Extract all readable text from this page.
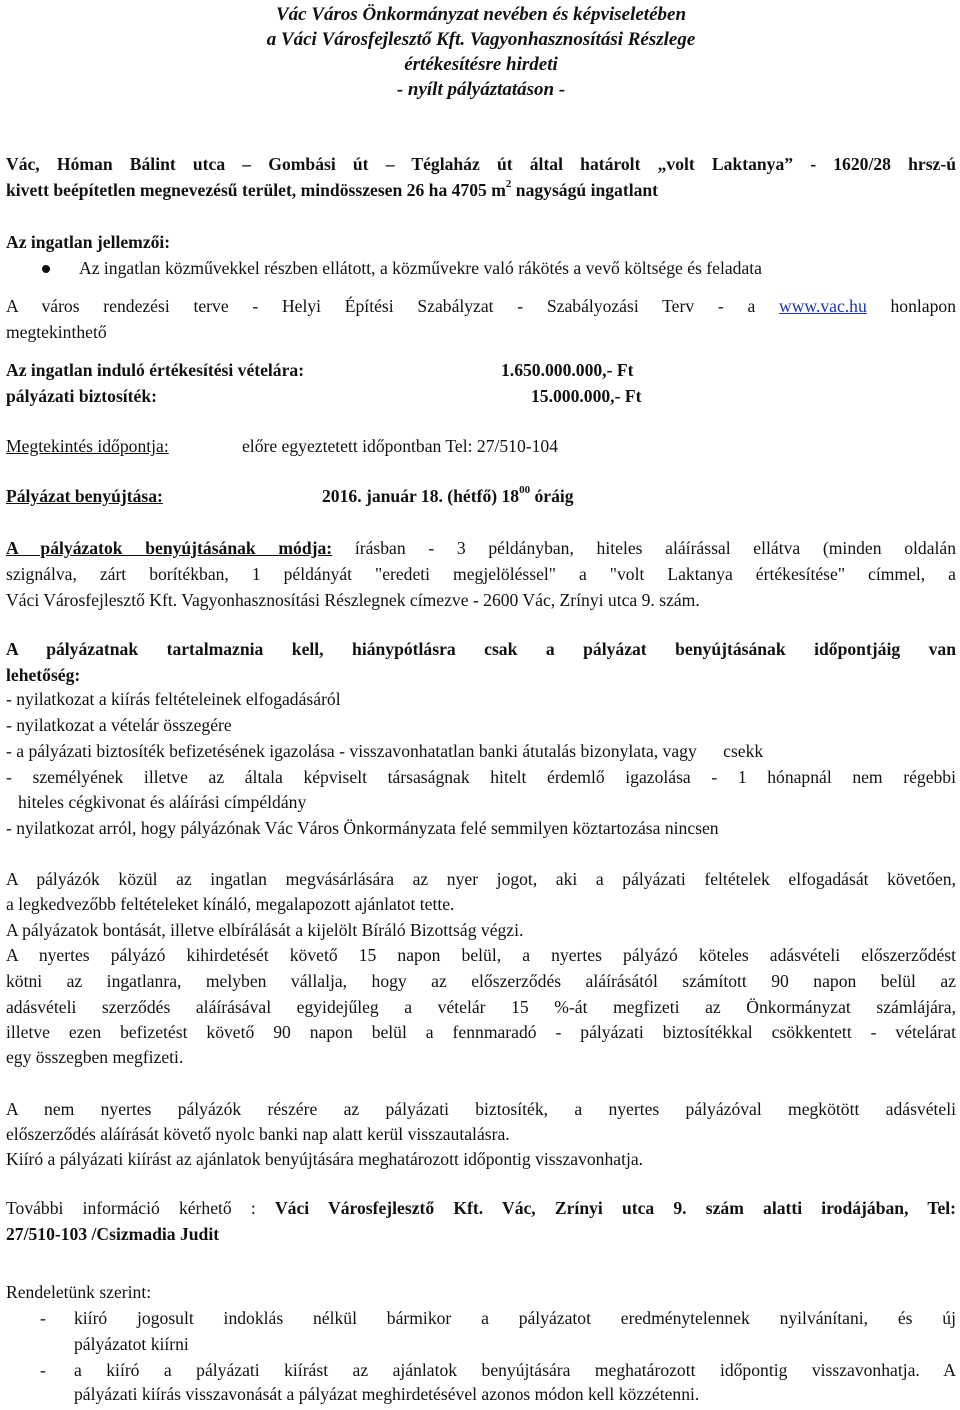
Vác Város Önkormányzat nevében és képviseletében
a Váci Városfejlesztő Kft. Vagyonhasznosítási Részlege
értékesítésre hirdeti
- nyílt pályáztatáson -
Vác, Hóman Bálint utca – Gombási út – Téglaház út által határolt „volt Laktanya” - 1620/28 hrsz-ú
kivett beépítetlen megnevezésű terület, mindösszesen 26 ha 4705 $m^2$ nagyságú ingatlant
Az ingatlan jellemzői:
Az ingatlan közművekkel részben ellátott, a közművekre való rákötés a vevő költsége és feladata
A város rendezési terve - Helyi Építési Szabályzat - Szabályozási Terv - a www.vac.hu honlapon
megtekinthető
Az ingatlan induló értékesítési vételára:	1.650.000.000,- Ft
pályázati biztosíték:	15.000.000,- Ft
Megtekintés időpontja:	előre egyeztetett időpontban Tel: 27/510-104
Pályázat benyújtása:	2016. január 18. (hétfő) $18^{00}$ óráig
A pályázatok benyújtásának módja: írásban - 3 példányban, hiteles aláírással ellátva (minden oldalán
szignálva, zárt borítékban, 1 példányát "eredeti megjelöléssel" a "volt Laktanya értékesítése" címmel, a
Váci Városfejlesztő Kft. Vagyonhasznosítási Részlegnek címezve - 2600 Vác, Zrínyi utca 9. szám.
A pályázatnak tartalmaznia kell, hiánypótlásra csak a pályázat benyújtásának időpontjáig van
lehetőség:
- nyilatkozat a kiírás feltételeinek elfogadásáról
- nyilatkozat a vételár összegére
- a pályázati biztosíték befizetésének igazolása - visszavonhatatlan banki átutalás bizonylata, vagy      csekk
- személyének illetve az általa képviselt társaságnak hitelt érdemlő igazolása - 1 hónapnál nem régebbi
hiteles cégkivonat és aláírási címpéldány
- nyilatkozat arról, hogy pályázónak Vác Város Önkormányzata felé semmilyen köztartozása nincsen
A pályázók közül az ingatlan megvásárlására az nyer jogot, aki a pályázati feltételek elfogadását követően,
a legkedvezőbb feltételeket kínáló, megalapozott ajánlatot tette.
A pályázatok bontását, illetve elbírálását a kijelölt Bíráló Bizottság végzi.
A nyertes pályázó kihirdetését követő 15 napon belül, a nyertes pályázó köteles adásvételi előszerződést
kötni az ingatlanra, melyben vállalja, hogy az előszerződés aláírásától számított 90 napon belül az
adásvételi szerződés aláírásával egyidejűleg a vételár 15 %-át megfizeti az Önkormányzat számlájára,
illetve ezen befizetést követő 90 napon belül a fennmaradó - pályázati biztosítékkal csökkentett - vételárat
egy összegben megfizeti.
A nem nyertes pályázók részére az pályázati biztosíték, a nyertes pályázóval megkötött adásvételi
előszerződés aláírását követő nyolc banki nap alatt kerül visszautalásra.
Kiíró a pályázati kiírást az ajánlatok benyújtására meghatározott időpontig visszavonhatja.
További információ kérhető : Váci Városfejlesztő Kft. Vác, Zrínyi utca 9. szám alatti irodájában, Tel:
27/510-103 /Csizmadia Judit
Rendeletünk szerint:
- kiíró jogosult indoklás nélkül bármikor a pályázatot eredménytelennek nyilvánítani, és új
pályázatot kiírni
- a kiíró a pályázati kiírást az ajánlatok benyújtására meghatározott időpontig visszavonhatja. A
pályázati kiírás visszavonását a pályázat meghirdetésével azonos módon kell közzétenni.
